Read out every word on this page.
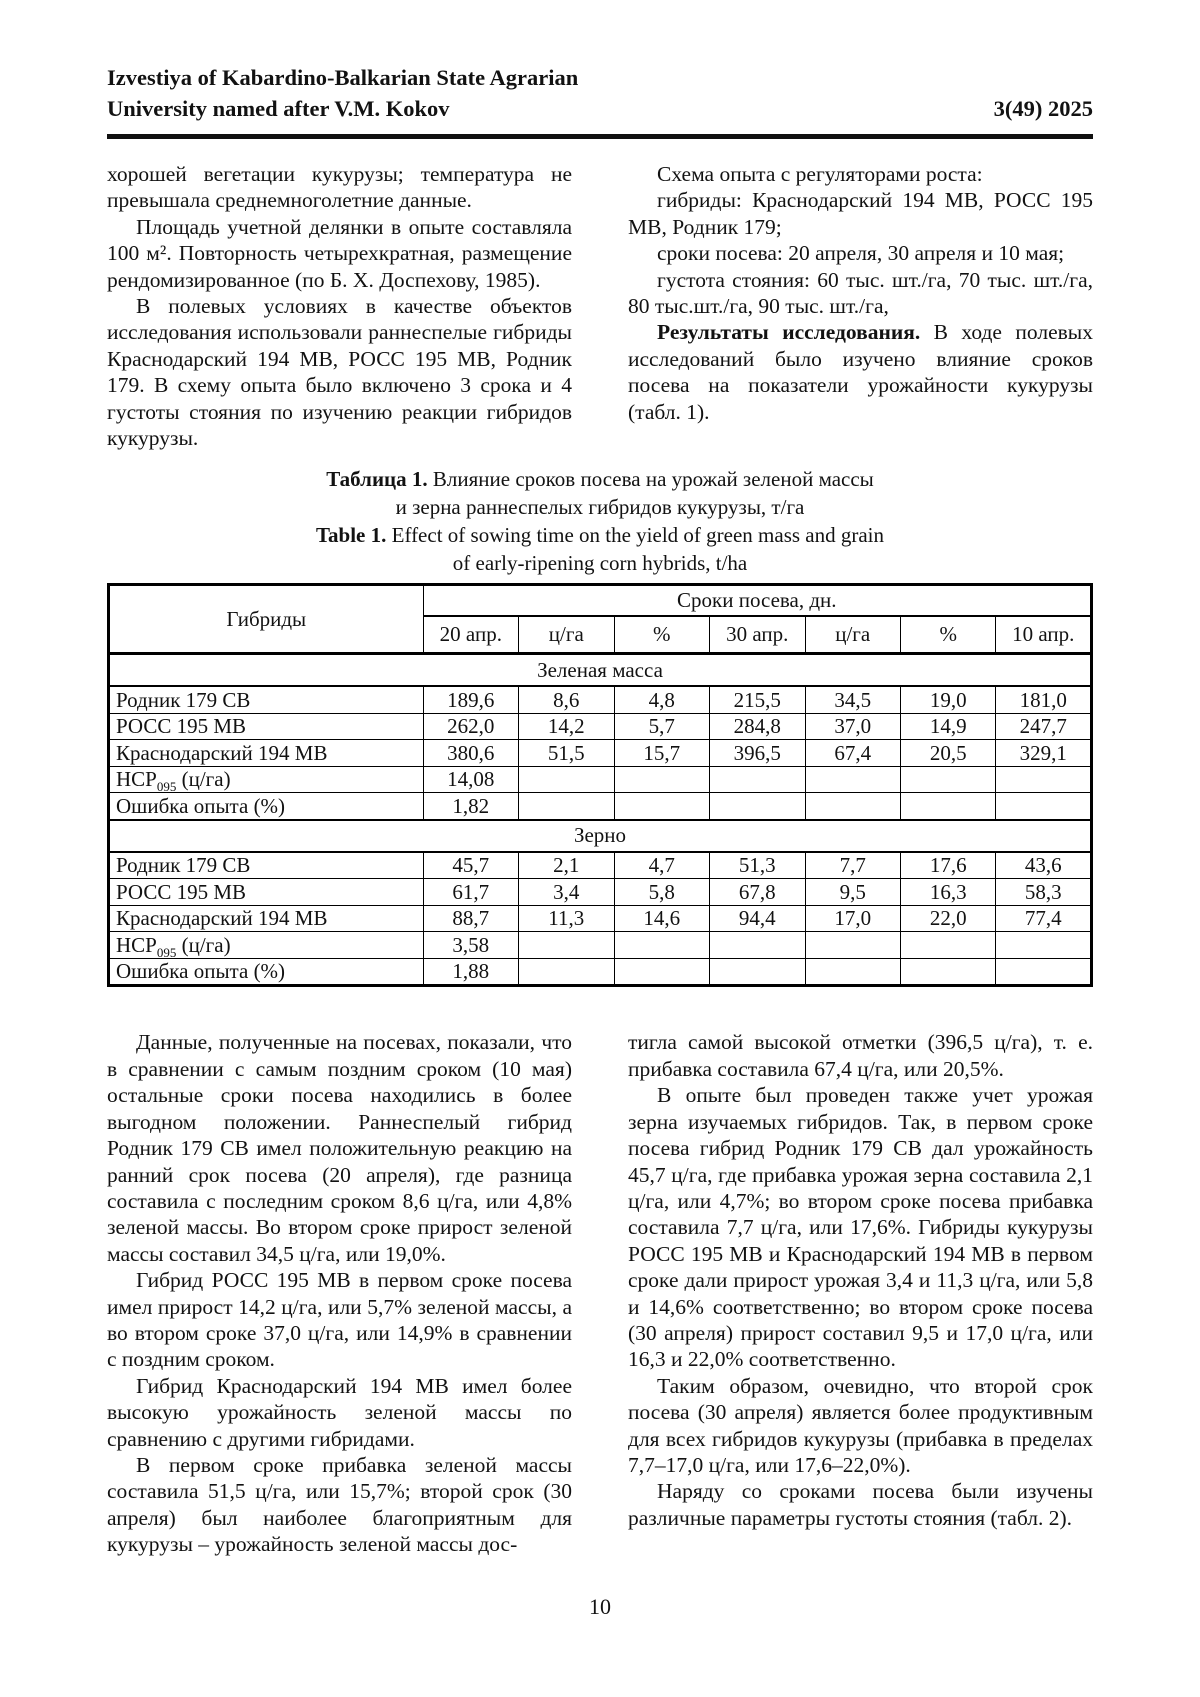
Izvestiya of Kabardino-Balkarian State Agrarian
University named after V.M. Kokov	3(49) 2025

хорошей вегетации кукурузы; температура не превышала среднемноголетние данные.

Площадь учетной делянки в опыте составляла 100 м². Повторность четырехкратная, размещение рендомизированное (по Б. Х. Доспехову, 1985).

В полевых условиях в качестве объектов исследования использовали раннеспелые гибриды Краснодарский 194 МВ, РОСС 195 МВ, Родник 179. В схему опыта было включено 3 срока и 4 густоты стояния по изучению реакции гибридов кукурузы.

Схема опыта с регуляторами роста:

гибриды: Краснодарский 194 МВ, РОСС 195 МВ, Родник 179;

сроки посева: 20 апреля, 30 апреля и 10 мая;

густота стояния: 60 тыс. шт./га, 70 тыс. шт./га, 80 тыс.шт./га, 90 тыс. шт./га,

Результаты исследования. В ходе полевых исследований было изучено влияние сроков посева на показатели урожайности кукурузы (табл. 1).

Таблица 1. Влияние сроков посева на урожай зеленой массы
и зерна раннеспелых гибридов кукурузы, т/га
Table 1. Effect of sowing time on the yield of green mass and grain
of early-ripening corn hybrids, t/ha
Гибриды	Сроки посева, дн.						
	20 апр.	ц/га	%	30 апр.	ц/га	%	10 апр.
Зеленая масса							
Родник 179 СВ	189,6	8,6	4,8	215,5	34,5	19,0	181,0
РОСС 195 МВ	262,0	14,2	5,7	284,8	37,0	14,9	247,7
Краснодарский 194 МВ	380,6	51,5	15,7	396,5	67,4	20,5	329,1
$НСР_{095}$ (ц/га)	14,08						
Ошибка опыта (%)	1,82						
Зерно							
Родник 179 СВ	45,7	2,1	4,7	51,3	7,7	17,6	43,6
РОСС 195 МВ	61,7	3,4	5,8	67,8	9,5	16,3	58,3
Краснодарский 194 МВ	88,7	11,3	14,6	94,4	17,0	22,0	77,4
$НСР_{095}$ (ц/га)	3,58						
Ошибка опыта (%)	1,88						

Данные, полученные на посевах, показали, что в сравнении с самым поздним сроком (10 мая) остальные сроки посева находились в более выгодном положении. Раннеспелый гибрид Родник 179 СВ имел положительную реакцию на ранний срок посева (20 апреля), где разница составила с последним сроком 8,6 ц/га, или 4,8% зеленой массы. Во втором сроке прирост зеленой массы составил 34,5 ц/га, или 19,0%.

Гибрид РОСС 195 МВ в первом сроке посева имел прирост 14,2 ц/га, или 5,7% зеленой массы, а во втором сроке 37,0 ц/га, или 14,9% в сравнении с поздним сроком.

Гибрид Краснодарский 194 МВ имел более высокую урожайность зеленой массы по сравнению с другими гибридами.

В первом сроке прибавка зеленой массы составила 51,5 ц/га, или 15,7%; второй срок (30 апреля) был наиболее благоприятным для кукурузы – урожайность зеленой массы дос-

тигла самой высокой отметки (396,5 ц/га), т. е. прибавка составила 67,4 ц/га, или 20,5%.

В опыте был проведен также учет урожая зерна изучаемых гибридов. Так, в первом сроке посева гибрид Родник 179 СВ дал урожайность 45,7 ц/га, где прибавка урожая зерна составила 2,1 ц/га, или 4,7%; во втором сроке посева прибавка составила 7,7 ц/га, или 17,6%. Гибриды кукурузы РОСС 195 МВ и Краснодарский 194 МВ в первом сроке дали прирост урожая 3,4 и 11,3 ц/га, или 5,8 и 14,6% соответственно; во втором сроке посева (30 апреля) прирост составил 9,5 и 17,0 ц/га, или 16,3 и 22,0% соответственно.

Таким образом, очевидно, что второй срок посева (30 апреля) является более продуктивным для всех гибридов кукурузы (прибавка в пределах 7,7–17,0 ц/га, или 17,6–22,0%).

Наряду со сроками посева были изучены различные параметры густоты стояния (табл. 2).

10
